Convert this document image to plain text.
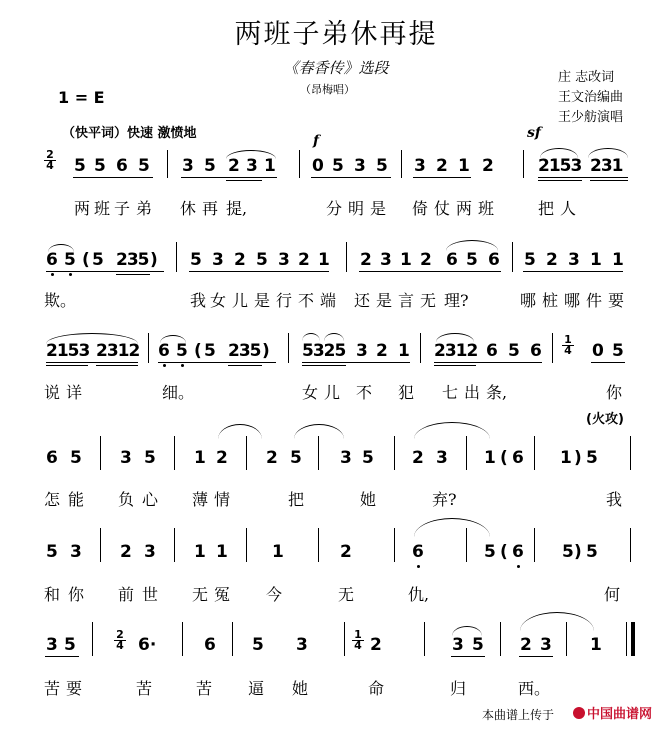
两班子弟休再提
《春香传》选段
（昂梅唱）
1 = E
庄 志改词
王文治编曲
王少舫演唱
（快平词）快速 激愤地	f	sf
2
4 5 5 6 5 3 5 2 3 1 0 5 3 5 3 2 1 2	2153 231
两 班 子 弟 休 再 提,	分 明 是 倚 仗 两 班	把 人
6 5 ( 5 235 ) 5 3 2 5 3 2 1 2 3 1 2 6 5 6 5 2 3 1 1
欺。	我 女 儿 是 行 不 端 还 是 言 无 理?	哪 桩 哪 件 要
2153 2312 6 5 ( 5 235 ) 5325 3 2 1 2312 6 5 6
1
4 0 5
说 详	细。	女 儿 不 犯 七 出 条,	你
(火攻)
6 5 3 5 1 2 2 5 3 5 2 3 1 ( 6 1 ) 5
怎 能 负 心 薄 情	把	她	弃?	我
5 3 2 3 1 1	1	2	6	5 ( 6 5 ) 5
和 你 前 世 无 冤 今	无	仇,	何
3 5
2
4 6·	6 5 3
1
4 2	3 5 2 3 1
苦 要	苦	苦 逼 她	命	归	西。
本曲谱上传于	中国曲谱网
